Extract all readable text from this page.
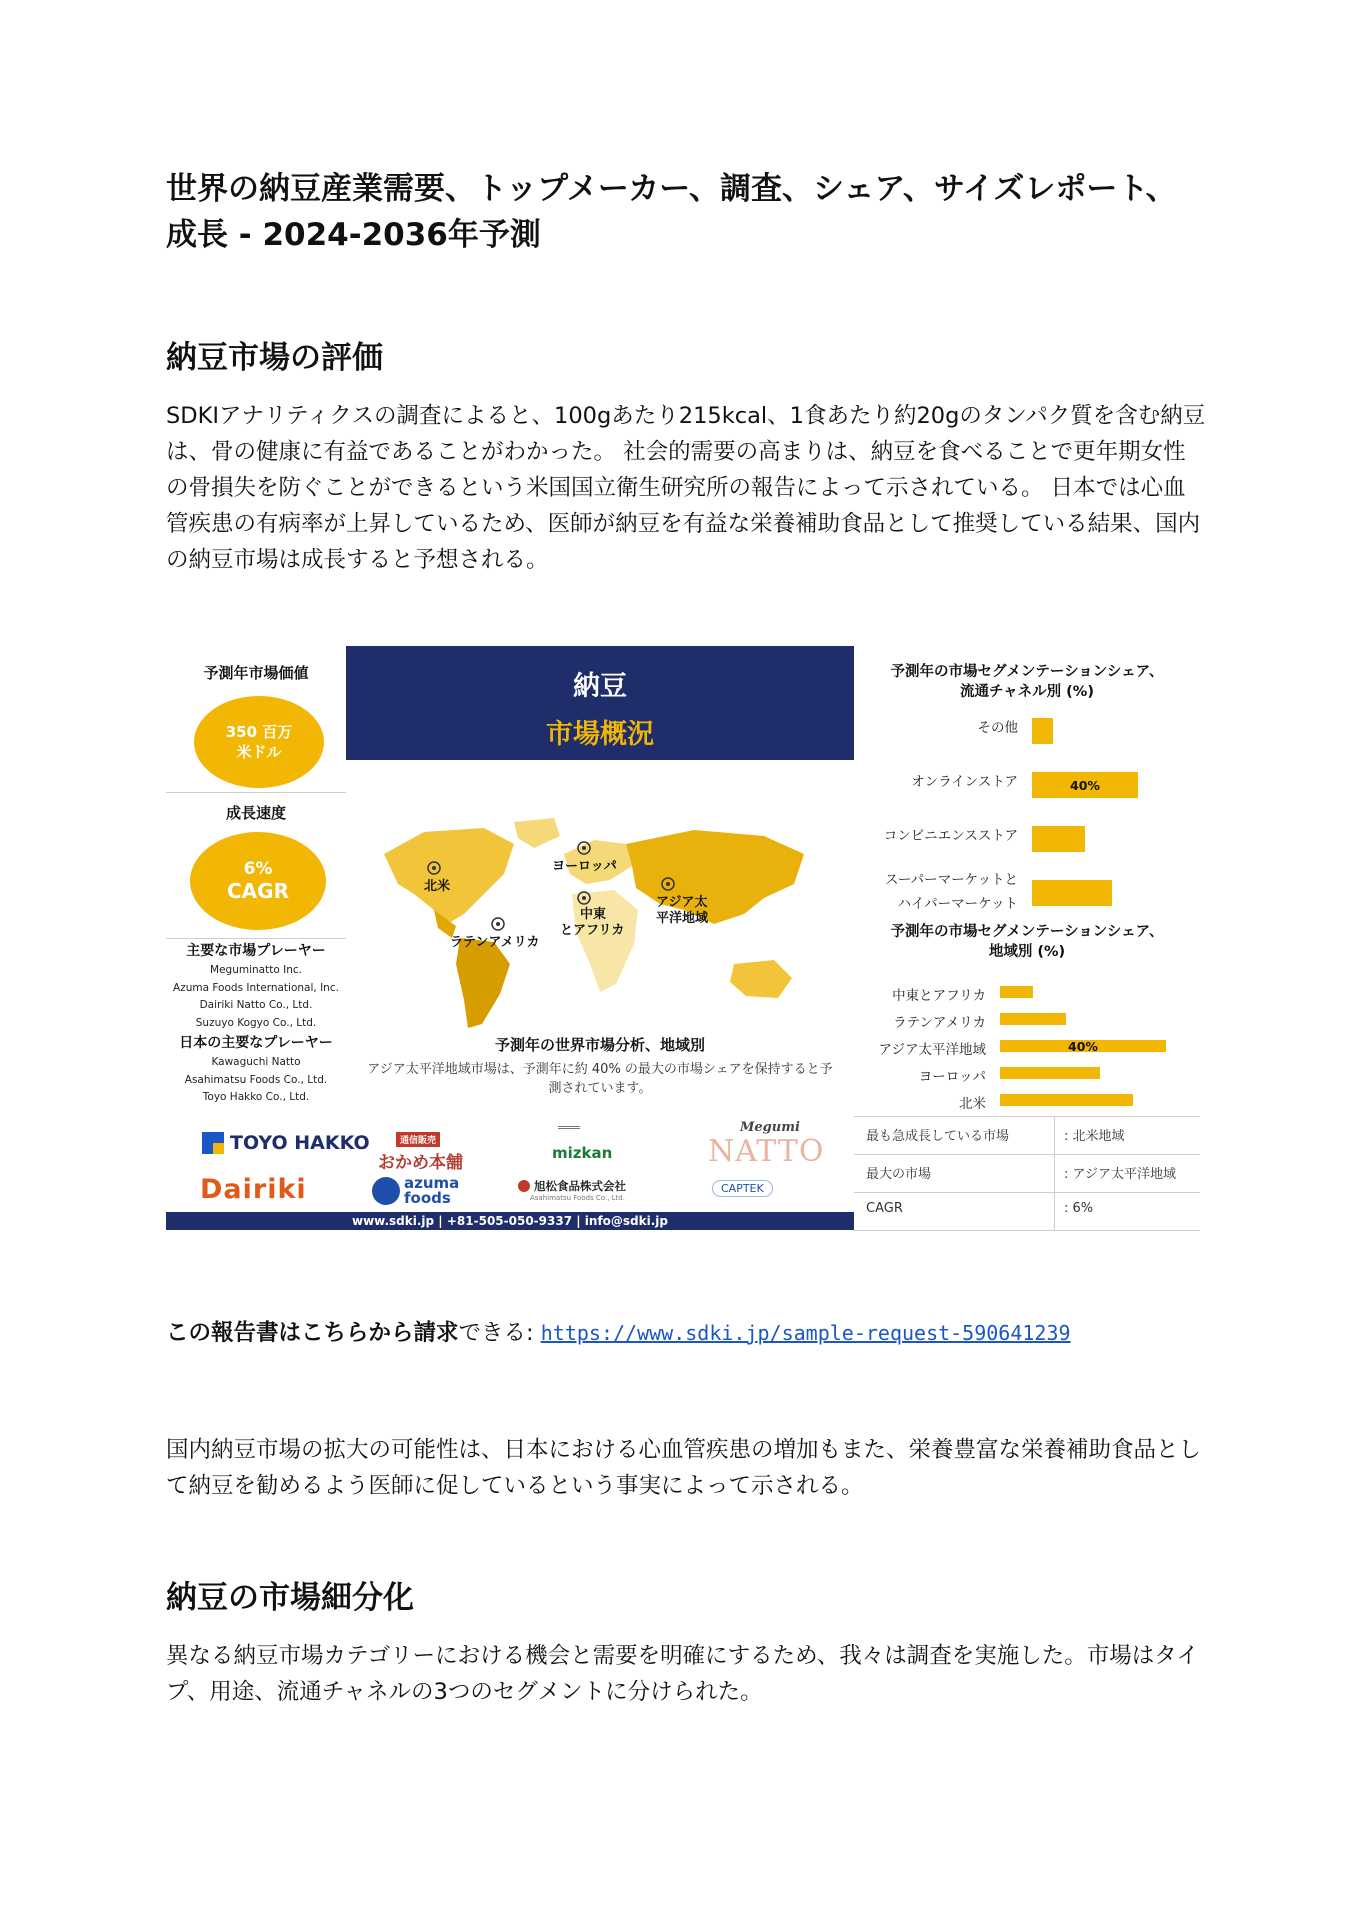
世界の納豆産業需要、トップメーカー、調査、シェア、サイズレポート、成長 - 2024-2036年予測
納豆市場の評価

SDKIアナリティクスの調査によると、100gあたり215kcal、1食あたり約20gのタンパク質を含む納豆は、骨の健康に有益であることがわかった。 社会的需要の高まりは、納豆を食べることで更年期女性の骨損失を防ぐことができるという米国国立衛生研究所の報告によって示されている。 日本では心血管疾患の有病率が上昇しているため、医師が納豆を有益な栄養補助食品として推奨している結果、国内の納豆市場は成長すると予想される。

予測年市場価値
350 百万
米ドル
成長速度
6%
CAGR
主要な市場プレーヤー
Meguminatto Inc.
Azuma Foods International, Inc.
Dairiki Natto Co., Ltd.
Suzuyo Kogyo Co., Ltd.
日本の主要なプレーヤー
Kawaguchi Natto
Asahimatsu Foods Co., Ltd.
Toyo Hakko Co., Ltd.
納豆
市場概況
北米
ヨーロッパ
アジア太
平洋地域
中東
とアフリカ
ラテンアメリカ
予測年の世界市場分析、地域別
アジア太平洋地域市場は、予測年に約 40% の最大の市場シェアを保持すると予測されています。
予測年の市場セグメンテーションシェア、
流通チャネル別 (%)
その他
オンラインストア	40%
コンビニエンスストア
スーパーマーケットと
ハイパーマーケット
予測年の市場セグメンテーションシェア、
地域別 (%)
中東とアフリカ
ラテンアメリカ
アジア太平洋地域	40%
ヨーロッパ
北米
TOYO HAKKO
Dairiki
通信販売
おかめ本舗
azuma foods
mizkan
旭松食品株式会社
Asahimatsu Foods Co., Ltd.
Megumi
NATTO
CAPTEK
www.sdki.jp | +81-505-050-9337 | info@sdki.jp
最も急成長している市場	: 北米地域
最大の市場	: アジア太平洋地域
CAGR	: 6%
この報告書はこちらから請求できる: https://www.sdki.jp/sample-request-590641239

国内納豆市場の拡大の可能性は、日本における心血管疾患の増加もまた、栄養豊富な栄養補助食品として納豆を勧めるよう医師に促しているという事実によって示される。

納豆の市場細分化

異なる納豆市場カテゴリーにおける機会と需要を明確にするため、我々は調査を実施した。市場はタイプ、用途、流通チャネルの3つのセグメントに分けられた。
